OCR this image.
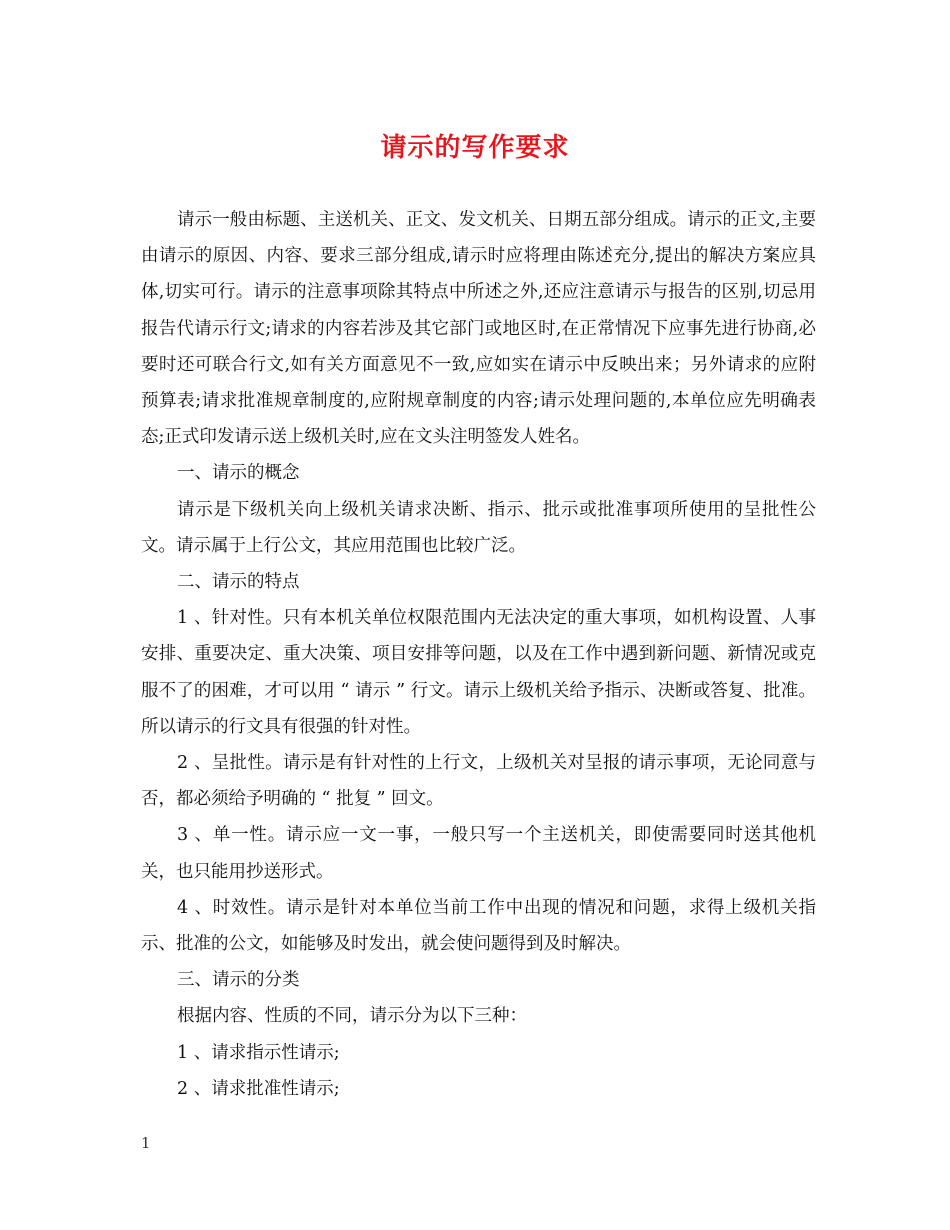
请示的写作要求

请示一般由标题、主送机关、正文、发文机关、日期五部分组成。请示的正文,主要由请示的原因、内容、要求三部分组成,请示时应将理由陈述充分,提出的解决方案应具体,切实可行。请示的注意事项除其特点中所述之外,还应注意请示与报告的区别,切忌用报告代请示行文;请求的内容若涉及其它部门或地区时,在正常情况下应事先进行协商,必要时还可联合行文,如有关方面意见不一致,应如实在请示中反映出来；另外请求的应附预算表;请求批准规章制度的,应附规章制度的内容;请示处理问题的,本单位应先明确表态;正式印发请示送上级机关时,应在文头注明签发人姓名。

一、请示的概念

请示是下级机关向上级机关请求决断、指示、批示或批准事项所使用的呈批性公文。请示属于上行公文，其应用范围也比较广泛。

二、请示的特点

1 、针对性。只有本机关单位权限范围内无法决定的重大事项，如机构设置、人事安排、重要决定、重大决策、项目安排等问题，以及在工作中遇到新问题、新情况或克服不了的困难，才可以用 “ 请示 ” 行文。请示上级机关给予指示、决断或答复、批准。所以请示的行文具有很强的针对性。

2 、呈批性。请示是有针对性的上行文，上级机关对呈报的请示事项，无论同意与否，都必须给予明确的 “ 批复 ” 回文。

3 、单一性。请示应一文一事，一般只写一个主送机关，即使需要同时送其他机关，也只能用抄送形式。

4 、时效性。请示是针对本单位当前工作中出现的情况和问题，求得上级机关指示、批准的公文，如能够及时发出，就会使问题得到及时解决。

三、请示的分类

根据内容、性质的不同，请示分为以下三种：

1 、请求指示性请示;

2 、请求批准性请示;

1
